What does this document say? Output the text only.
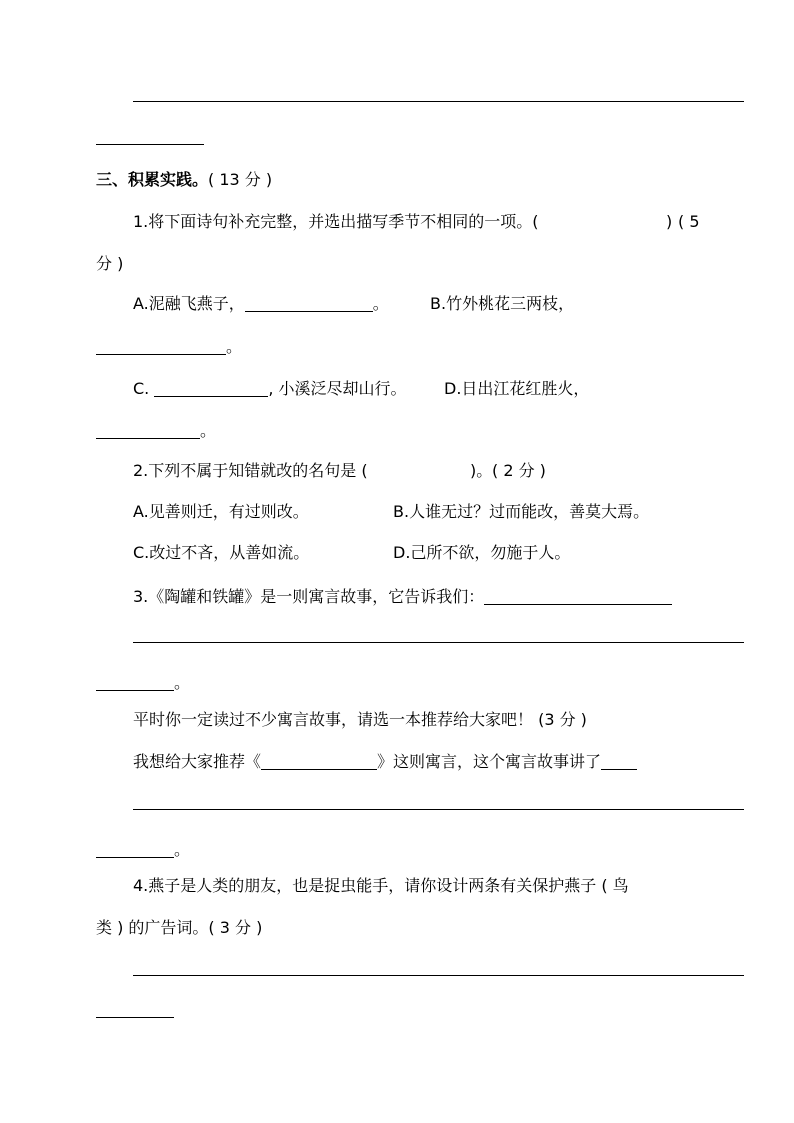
三、积累实践。( 13 分 )
1.将下面诗句补充完整，并选出描写季节不相同的一项。(	) ( 5
分 )
A.泥融飞燕子，	。	B.竹外桃花三两枝，
。
C.	, 小溪泛尽却山行。 D.日出江花红胜火，
。
2.下列不属于知错就改的名句是 (	)。 ( 2 分 )
A.见善则迁，有过则改。	B.人谁无过？过而能改，善莫大焉。
C.改过不吝，从善如流。	D.己所不欲，勿施于人。
3.《陶罐和铁罐》是一则寓言故事，它告诉我们：
。
平时你一定读过不少寓言故事，请选一本推荐给大家吧！ (3 分 )
我想给大家推荐《	》这则寓言，这个寓言故事讲了
。
4.燕子是人类的朋友，也是捉虫能手，请你设计两条有关保护燕子 ( 鸟
类 ) 的广告词。( 3 分 )
